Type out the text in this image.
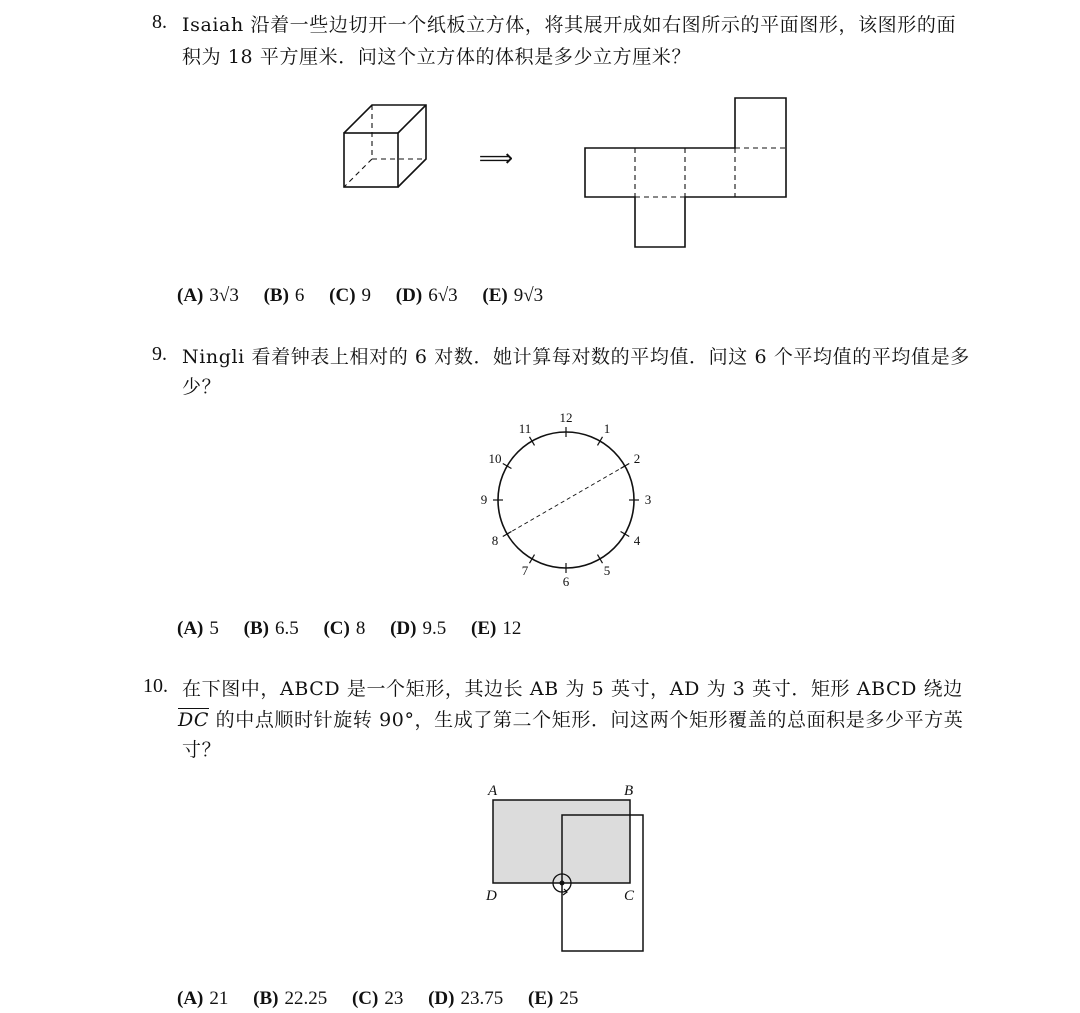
8. Isaiah 沿着一些边切开一个纸板立方体，将其展开成如右图所示的平面图形，该图形的面
积为 18 平方厘米．问这个立方体的体积是多少立方厘米？
⟹
(A) 3√3 (B) 6 (C) 9 (D) 6√3 (E) 9√3
9. Ningli 看着钟表上相对的 6 对数．她计算每对数的平均值．问这 6 个平均值的平均值是多
少？
12
1
2
3
4
5
6
7
8
9
10
11
(A) 5 (B) 6.5 (C) 8 (D) 9.5 (E) 12
10. 在下图中，ABCD 是一个矩形，其边长 AB 为 5 英寸，AD 为 3 英寸．矩形 ABCD 绕边
$\overline{DC}$ 的中点顺时针旋转 90°，生成了第二个矩形．问这两个矩形覆盖的总面积是多少平方英
寸？
A	B
C
D
(A) 21 (B) 22.25 (C) 23 (D) 23.75 (E) 25
